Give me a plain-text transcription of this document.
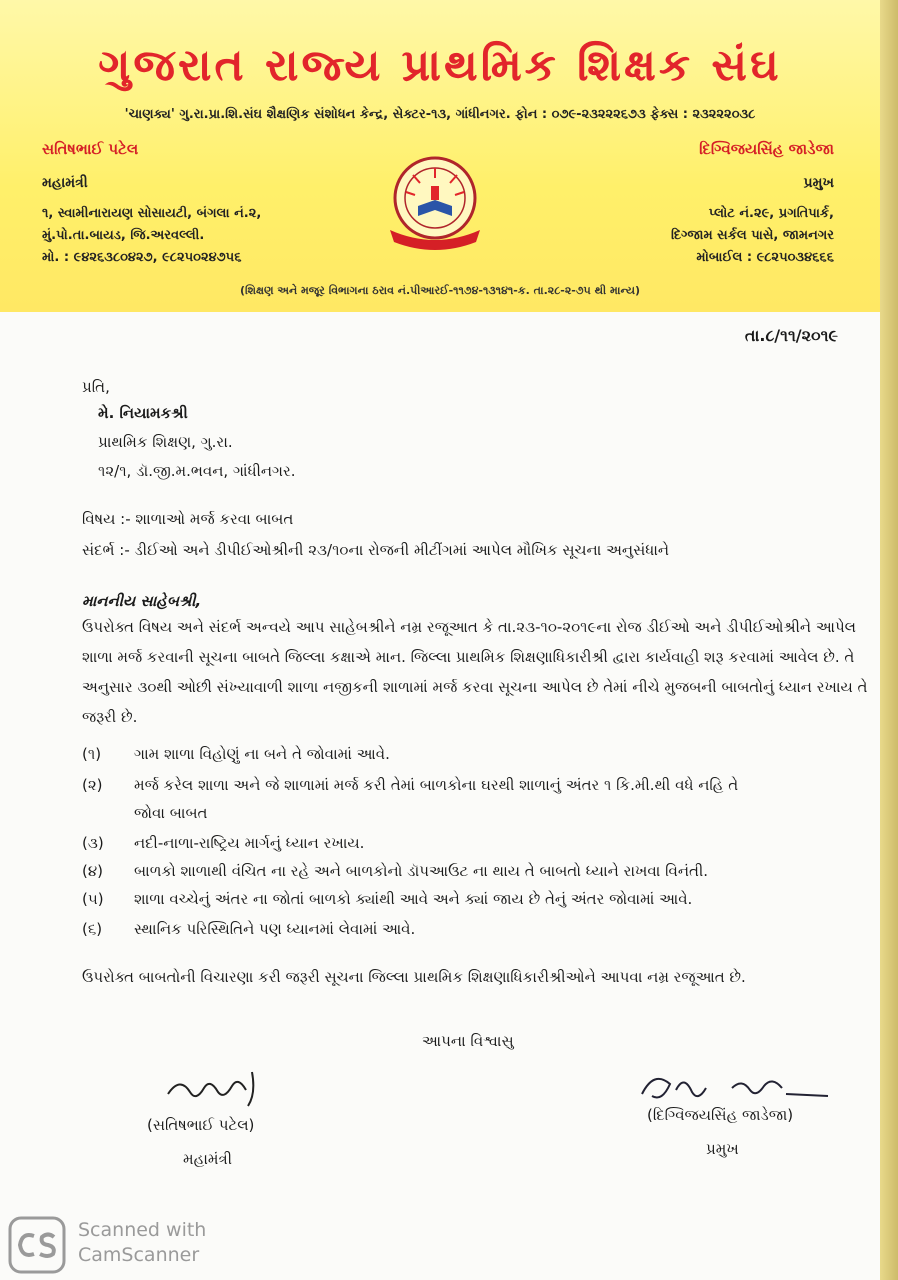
ગુજરાત રાજ્ય પ્રાથમિક શિક્ષક સંઘ
'ચાણક્ય' ગુ.રા.પ્રા.શિ.સંઘ શૈક્ષણિક સંશોધન કેન્દ્ર, સેક્ટર-૧૩, ગાંધીનગર. ફોન : ૦૭૯-૨૩૨૨૨૬૭૩ ફેક્સ : ૨૩૨૨૨૦૩૮
સતિષભાઈ પટેલ
મહામંત્રી
૧, સ્વામીનારાયણ સોસાયટી, બંગલા નં.૨,
મું.પો.તા.બાયડ, જિ.અરવલ્લી.
મો. : ૯૪૨૬૩૮૦૪૨૭, ૯૮૨૫૦૨૪૭૫૬
દિગ્વિજયસિંહ જાડેજા
પ્રમુખ
પ્લોટ નં.૨૯, પ્રગતિપાર્ક,
દિગ્જામ સર્કલ પાસે, જામનગર
મોબાઈલ : ૯૮૨૫૦૩૪૬૬૬
(શિક્ષણ અને મજૂર વિભાગના ઠરાવ નં.પીઆરઈ-૧૧૭૪-૧૩૧૪૧-ક. તા.૨૮-૨-૭૫ થી માન્ય)
તા.૮/૧૧/૨૦૧૯
પ્રતિ,
મે. નિયામકશ્રી
પ્રાથમિક શિક્ષણ, ગુ.રા.
૧૨/૧, ડૉ.જી.મ.ભવન, ગાંધીનગર.
વિષય :- શાળાઓ મર્જ કરવા બાબત
સંદર્ભ :- ડીઈઓ અને ડીપીઈઓશ્રીની ૨૩/૧૦ના રોજની મીટીંગમાં આપેલ મૌખિક સૂચના અનુસંધાને
માનનીય સાહેબશ્રી,
ઉપરોક્ત વિષય અને સંદર્ભ અન્વયે આપ સાહેબશ્રીને નમ્ર રજૂઆત કે તા.૨૩-૧૦-૨૦૧૯ના રોજ ડીઈઓ અને ડીપીઈઓશ્રીને આપેલ શાળા મર્જ કરવાની સૂચના બાબતે જિલ્લા કક્ષાએ માન. જિલ્લા પ્રાથમિક શિક્ષણાધિકારીશ્રી દ્વારા કાર્યવાહી શરૂ કરવામાં આવેલ છે. તે અનુસાર ૩૦થી ઓછી સંખ્યાવાળી શાળા નજીકની શાળામાં મર્જ કરવા સૂચના આપેલ છે તેમાં નીચે મુજબની બાબતોનું ધ્યાન રખાય તે જરૂરી છે.
(૧) ગામ શાળા વિહોણું ના બને તે જોવામાં આવે.
(૨) મર્જ કરેલ શાળા અને જે શાળામાં મર્જ કરી તેમાં બાળકોના ઘરથી શાળાનું અંતર ૧ કિ.મી.થી વધે નહિ તે
જોવા બાબત
(૩) નદી-નાળા-રાષ્ટ્રિય માર્ગનું ધ્યાન રખાય.
(૪) બાળકો શાળાથી વંચિત ના રહે અને બાળકોનો ડૉપઆઉટ ના થાય તે બાબતો ધ્યાને રાખવા વિનંતી.
(૫) શાળા વચ્ચેનું અંતર ના જોતાં બાળકો ક્યાંથી આવે અને ક્યાં જાય છે તેનું અંતર જોવામાં આવે.
(૬) સ્થાનિક પરિસ્થિતિને પણ ધ્યાનમાં લેવામાં આવે.
ઉપરોક્ત બાબતોની વિચારણા કરી જરૂરી સૂચના જિલ્લા પ્રાથમિક શિક્ષણાધિકારીશ્રીઓને આપવા નમ્ર રજૂઆત છે.
આપના વિશ્વાસુ
(સતિષભાઈ પટેલ)
મહામંત્રી
(દિગ્વિજયસિંહ જાડેજા)
પ્રમુખ
Scanned with
CamScanner
